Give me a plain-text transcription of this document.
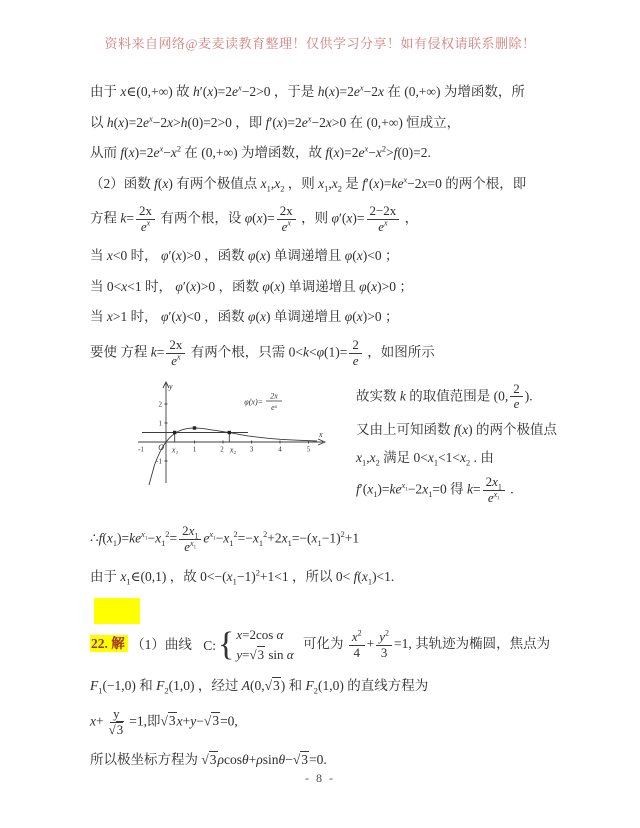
资料来自网络@麦麦读教育整理！仅供学习分享！如有侵权请联系删除！

由于 x∈(0,+∞) 故 $h'(x)=2e^x-2>0$ ，于是 $h(x)=2e^x-2x$ 在 (0,+∞) 为增函数，所

以 $h(x)=2e^x-2x>h(0)=2>0$ ，即 $f'(x)=2e^x-2x>0$ 在 (0,+∞) 恒成立，

从而 $f(x)=2e^x-x^2$ 在 (0,+∞) 为增函数，故 $f(x)=2e^x-x^2>f(0)=2$.

（2）函数 f(x) 有两个极值点 $x_1,x_2$ ，则 $x_1,x_2$ 是 $f'(x)=ke^x-2x=0$ 的两个根，即

方程 $k= \frac{2x}{e^x}$ 有两个根，设 $\varphi(x)= \frac{2x}{e^x}$ ，则 $\varphi'(x)= \frac{2-2x}{e^x}$ ，

当 x<0 时， φ′(x)>0 ，函数 φ(x) 单调递增且 φ(x)<0 ；

当 0<x<1 时， φ′(x)>0 ，函数 φ(x) 单调递增且 φ(x)>0 ；

当 x>1 时， φ′(x)<0 ，函数 φ(x) 单调递增且 φ(x)>0 ；

要使 方程 $k= \frac{2x}{e^x}$ 有两个根，只需 $0<k<\varphi(1)= \frac{2}{e}$ ，如图所示

y
x
O x₁	x₂
-1	1	2	3	4	5
2
1
-1
φ(x)=
2x
eˣ

故实数 k 的取值范围是 (0, $\frac{2}{e}$ ).

又由上可知函数 f(x) 的两个极值点

$x_1,x_2$ 满足 $0<x_1<1<x_2$ . 由

$f'(x_1)=ke^{x_1}-2x_1=0$ 得 $k= \frac{2x_1}{e^{x_1}}$ .

$\therefore f(x_1)=ke^{x_1}-x_1^2= \frac{2x_1}{e^{x_1}} e^{x_1}-x_1^2=-x_1^2+2x_1=-(x_1-1)^2+1$

由于 $x_1\in(0,1)$ ，故 $0<-(x_1-1)^2+1<1$ ，所以 $0< f(x_1)<1$.

22. 解 （1）曲线 C: { x=2cos α
y=√3 sin α
可化为 $\frac{x^2}{4} + \frac{y^2}{3} =1$, 其轨迹为椭圆，焦点为

$F_1(-1,0)$ 和 $F_2(1,0)$ ，经过 A(0,√3) 和 $F_2(1,0)$ 的直线方程为

$x+ \frac{y}{√3} =1$,即√3x+y−√3=0,

所以极坐标方程为 √3ρcosθ+ρsinθ−√3=0.

- 8 -
